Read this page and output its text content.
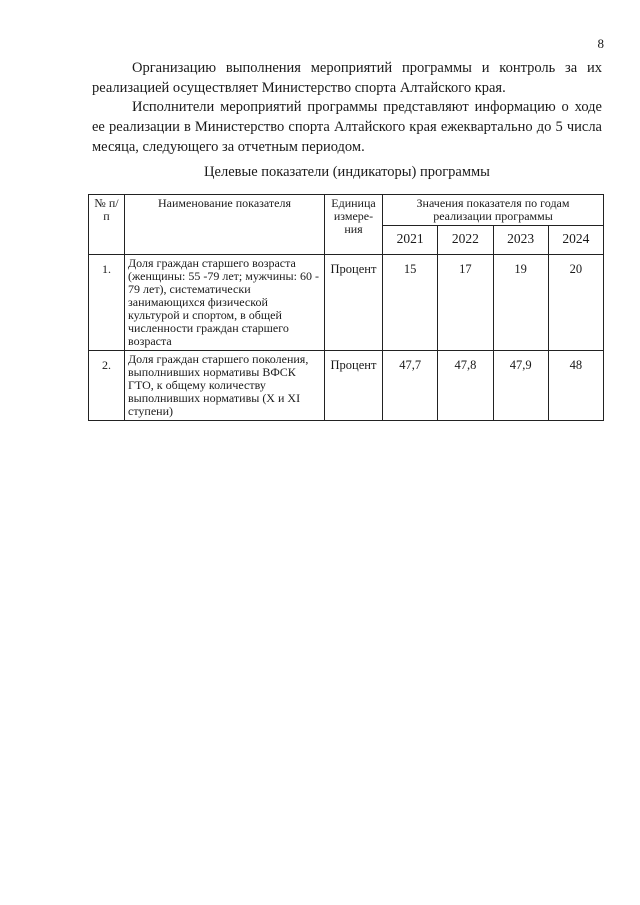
8

Организацию выполнения мероприятий программы и контроль за их реализацией осуществляет Министерство спорта Алтайского края.

Исполнители мероприятий программы представляют информацию о ходе ее реализации в Министерство спорта Алтайского края ежеквартально до 5 числа месяца, следующего за отчетным периодом.

Целевые показатели (индикаторы) программы
№ п/п	Наименование показателя	Единица измере-ния	Значения показателя по годам реализации программы			
			2021	2022	2023	2024
1.	Доля граждан старшего возраста (женщины: 55 -79 лет; мужчины: 60 - 79 лет), систематически занимающихся физической культурой и спортом, в общей численности граждан старшего возраста	Процент	15	17	19	20
2.	Доля граждан старшего поколения, выполнивших нормативы ВФСК ГТО, к общему количеству выполнивших нормативы (X и XI ступени)	Процент	47,7	47,8	47,9	48
